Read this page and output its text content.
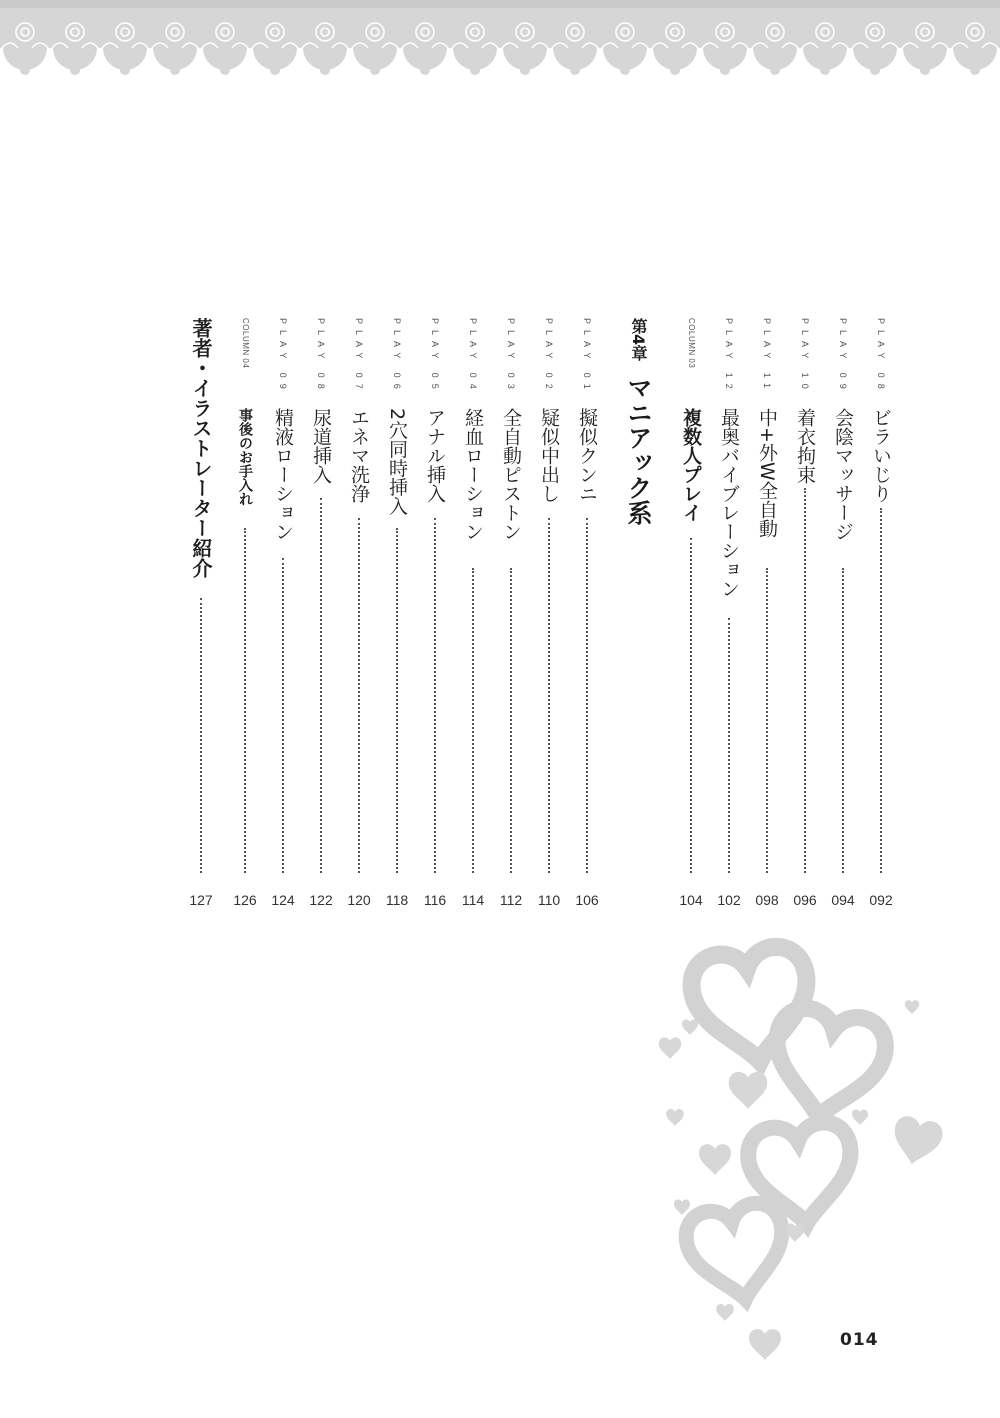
PLAY 08
ビラいじり
092
PLAY 09
会陰マッサージ
094
PLAY 10
着衣拘束
096
PLAY 11
中+外W全自動
098
PLAY 12
最奥バイブレーション
102
COLUMN 03
複数人プレイ
104
第4章マニアック系
PLAY 01
擬似クンニ
106
PLAY 02
疑似中出し
110
PLAY 03
全自動ピストン
112
PLAY 04
経血ローション
114
PLAY 05
アナル挿入
116
PLAY 06
2穴同時挿入
118
PLAY 07
エネマ洗浄
120
PLAY 08
尿道挿入
122
PLAY 09
精液ローション
124
COLUMN 04
事後のお手入れ
126
著者・イラストレーター紹介
127
014
